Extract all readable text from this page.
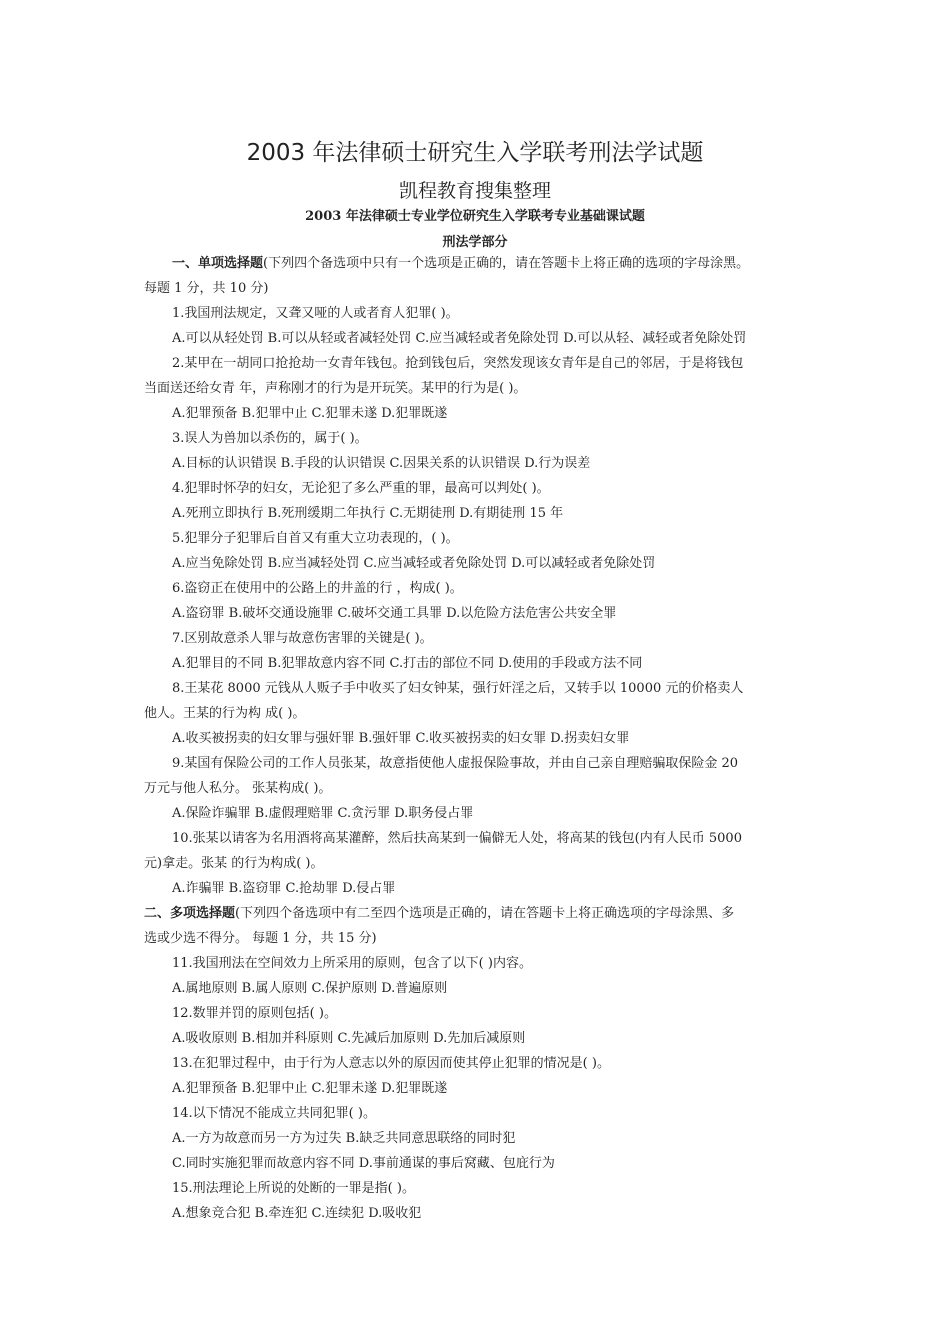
2003 年法律硕士研究生入学联考刑法学试题
凯程教育搜集整理
2003 年法律硕士专业学位研究生入学联考专业基础课试题
刑法学部分
一、单项选择题(下列四个备选项中只有一个选项是正确的，请在答题卡上将正确的选项的字母涂黑。
每题 1 分，共 10 分)
1.我国刑法规定，又聋又哑的人或者育人犯罪( )。
A.可以从轻处罚 B.可以从轻或者减轻处罚 C.应当减轻或者免除处罚 D.可以从轻、减轻或者免除处罚
2.某甲在一胡同口抢抢劫一女青年钱包。抢到钱包后，突然发现该女青年是自己的邻居，于是将钱包
当面送还给女青 年，声称刚才的行为是开玩笑。某甲的行为是( )。
A.犯罪预备 B.犯罪中止 C.犯罪未遂 D.犯罪既遂
3.误人为兽加以杀伤的，属于( )。
A.目标的认识错误 B.手段的认识错误 C.因果关系的认识错误 D.行为误差
4.犯罪时怀孕的妇女，无论犯了多么严重的罪，最高可以判处( )。
A.死刑立即执行 B.死刑缓期二年执行 C.无期徒刑 D.有期徒刑 15 年
5.犯罪分子犯罪后自首又有重大立功表现的，( )。
A.应当免除处罚 B.应当减轻处罚 C.应当减轻或者免除处罚 D.可以减轻或者免除处罚
6.盗窃正在使用中的公路上的井盖的行 ，构成( )。
A.盗窃罪 B.破坏交通设施罪 C.破坏交通工具罪 D.以危险方法危害公共安全罪
7.区别故意杀人罪与故意伤害罪的关键是( )。
A.犯罪目的不同 B.犯罪故意内容不同 C.打击的部位不同 D.使用的手段或方法不同
8.王某花 8000 元钱从人贩子手中收买了妇女钟某，强行奸淫之后，又转手以 10000 元的价格卖人
他人。王某的行为构 成( )。
A.收买被拐卖的妇女罪与强奸罪 B.强奸罪 C.收买被拐卖的妇女罪 D.拐卖妇女罪
9.某国有保险公司的工作人员张某，故意指使他人虚报保险事故，并由自己亲自理赔骗取保险金 20
万元与他人私分。 张某构成( )。
A.保险诈骗罪 B.虚假理赔罪 C.贪污罪 D.职务侵占罪
10.张某以请客为名用酒将高某灌醉，然后扶高某到一偏僻无人处，将高某的钱包(内有人民币 5000
元)拿走。张某 的行为构成( )。
A.诈骗罪 B.盗窃罪 C.抢劫罪 D.侵占罪
二、多项选择题(下列四个备选项中有二至四个选项是正确的，请在答题卡上将正确选项的字母涂黑、多
选或少选不得分。 每题 1 分，共 15 分)
11.我国刑法在空间效力上所采用的原则，包含了以下( )内容。
A.属地原则 B.属人原则 C.保护原则 D.普遍原则
12.数罪并罚的原则包括( )。
A.吸收原则 B.相加并科原则 C.先减后加原则 D.先加后减原则
13.在犯罪过程中，由于行为人意志以外的原因而使其停止犯罪的情况是( )。
A.犯罪预备 B.犯罪中止 C.犯罪未遂 D.犯罪既遂
14.以下情况不能成立共同犯罪( )。
A.一方为故意而另一方为过失 B.缺乏共同意思联络的同时犯
C.同时实施犯罪而故意内容不同 D.事前通谋的事后窝藏、包庇行为
15.刑法理论上所说的处断的一罪是指( )。
A.想象竞合犯 B.牵连犯 C.连续犯 D.吸收犯
